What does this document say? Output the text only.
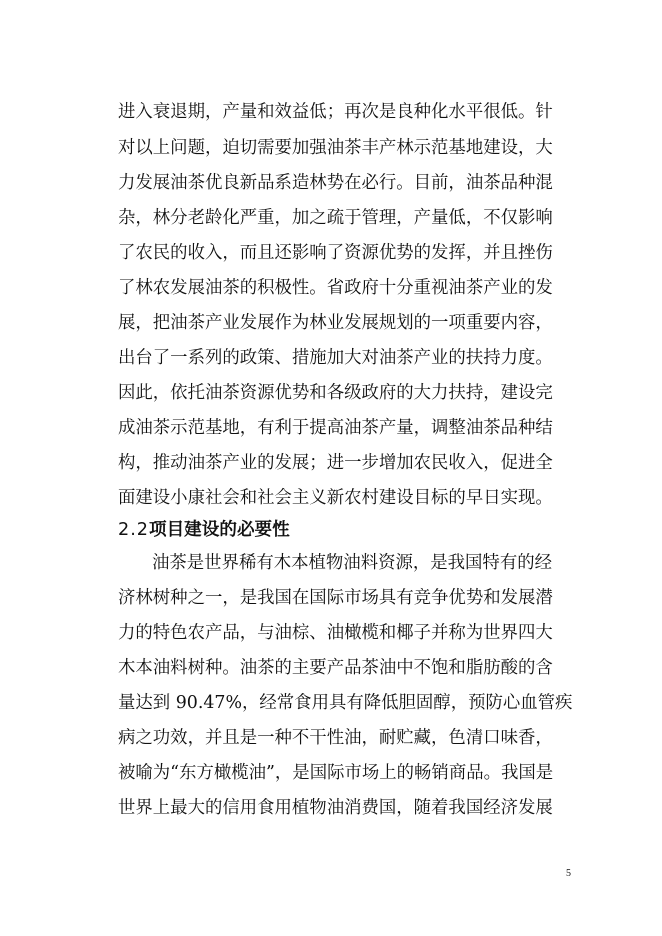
进入衰退期，产量和效益低；再次是良种化水平很低。针
对以上问题，迫切需要加强油茶丰产林示范基地建设，大
力发展油茶优良新品系造林势在必行。目前，油茶品种混
杂，林分老龄化严重，加之疏于管理，产量低，不仅影响
了农民的收入，而且还影响了资源优势的发挥，并且挫伤
了林农发展油茶的积极性。省政府十分重视油茶产业的发
展，把油茶产业发展作为林业发展规划的一项重要内容，
出台了一系列的政策、措施加大对油茶产业的扶持力度。
因此，依托油茶资源优势和各级政府的大力扶持，建设完
成油茶示范基地，有利于提高油茶产量，调整油茶品种结
构，推动油茶产业的发展；进一步增加农民收入，促进全
面建设小康社会和社会主义新农村建设目标的早日实现。
2.2项目建设的必要性
油茶是世界稀有木本植物油料资源，是我国特有的经
济林树种之一，是我国在国际市场具有竞争优势和发展潜
力的特色农产品，与油棕、油橄榄和椰子并称为世界四大
木本油料树种。油茶的主要产品茶油中不饱和脂肪酸的含
量达到 90.47%，经常食用具有降低胆固醇，预防心血管疾
病之功效，并且是一种不干性油，耐贮藏，色清口味香，
被喻为“东方橄榄油”，是国际市场上的畅销商品。我国是
世界上最大的信用食用植物油消费国，随着我国经济发展
5
